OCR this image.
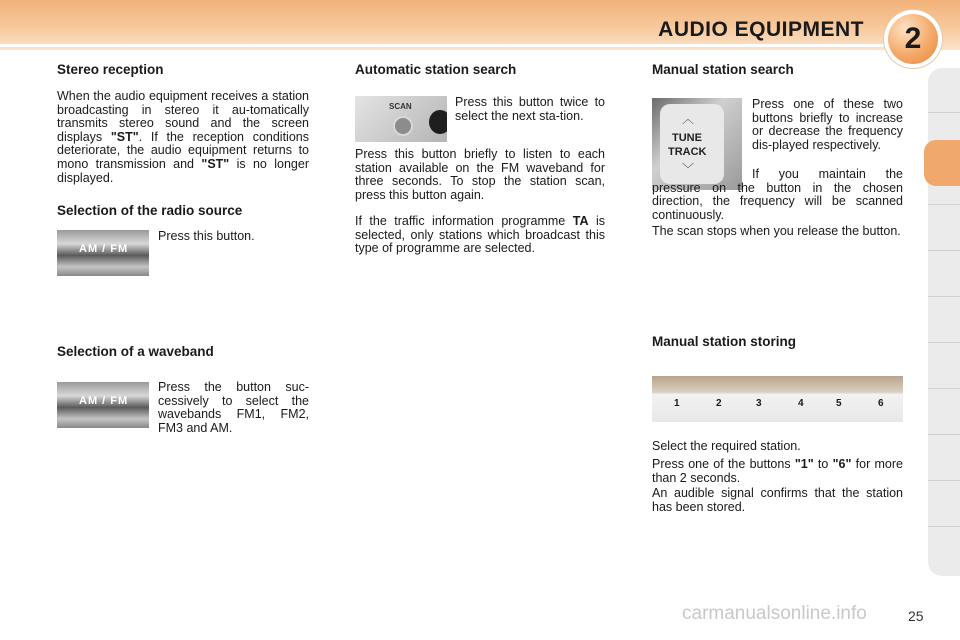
AUDIO EQUIPMENT	2
Stereo reception

When the audio equipment receives a station broadcasting in stereo it au-tomatically transmits stereo sound and the screen displays "ST". If the reception conditions deteriorate, the audio equipment returns to mono transmission and "ST" is no longer displayed.

Selection of the radio source
AM / FM

Press this button.

Selection of a waveband
AM / FM

Press the button suc-cessively to select the wavebands FM1, FM2, FM3 and AM.

Automatic station search
SCAN	Press this button twice to select the next sta-tion.

Press this button briefly to listen to each station available on the FM waveband for three seconds. To stop the station scan, press this button again.

If the traffic information programme TA is selected, only stations which broadcast this type of programme are selected.

Manual station search
TUNE
TRACK
︿
﹀

Press one of these two buttons briefly to increase or decrease the frequency dis-played respectively.

If you maintain the pressure on the button in the chosen direction, the frequency will be scanned continuously.

The scan stops when you release the button.

Manual station storing
1	2	3	4	5	6

Select the required station.

Press one of the buttons "1" to "6" for more than 2 seconds.

An audible signal confirms that the station has been stored.

carmanualsonline.info	25
